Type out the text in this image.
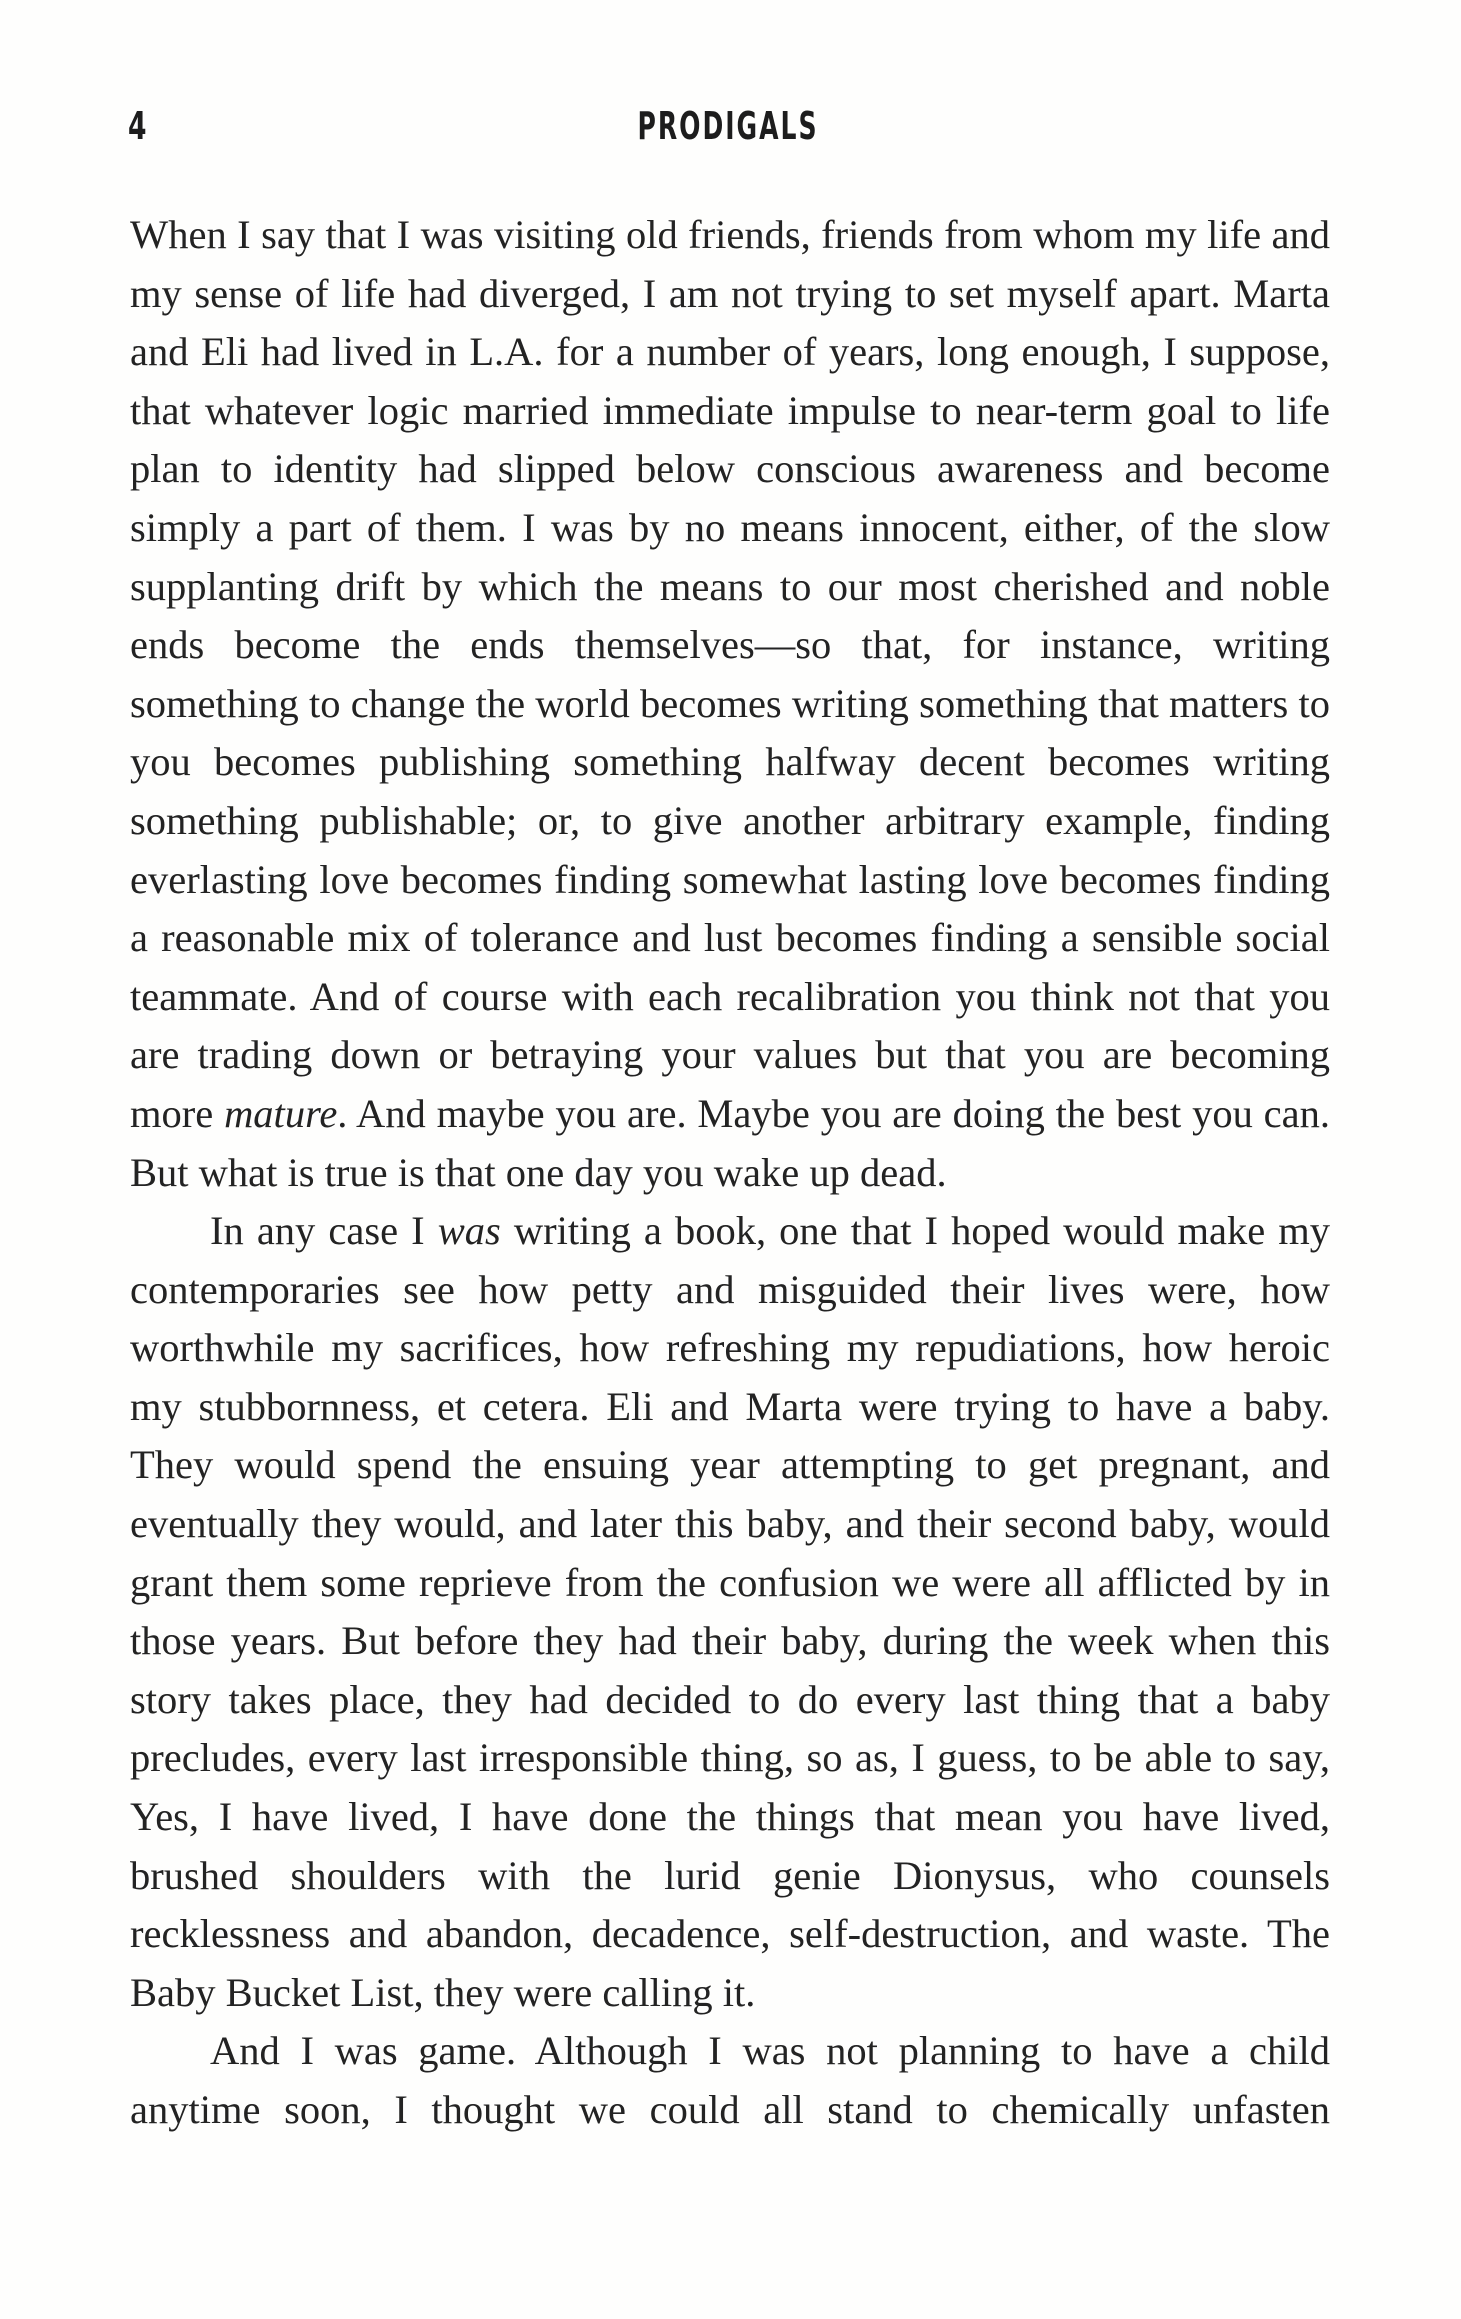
4	PRODIGALS

When I say that I was visiting old friends, friends from whom my life and my sense of life had diverged, I am not trying to set myself apart. Marta and Eli had lived in L.A. for a number of years, long enough, I suppose, that whatever logic married immediate impulse to near-term goal to life plan to identity had slipped below conscious awareness and become simply a part of them. I was by no means innocent, either, of the slow supplanting drift by which the means to our most cherished and noble ends become the ends themselves—so that, for instance, writing something to change the world becomes writing something that matters to you becomes publishing something halfway decent becomes writing something publishable; or, to give another arbitrary example, finding everlasting love becomes finding somewhat lasting love becomes finding a reasonable mix of tolerance and lust becomes finding a sensible social teammate. And of course with each recalibration you think not that you are trading down or betraying your values but that you are becoming more mature. And maybe you are. Maybe you are doing the best you can. But what is true is that one day you wake up dead.

In any case I was writing a book, one that I hoped would make my contemporaries see how petty and misguided their lives were, how worthwhile my sacrifices, how refreshing my repudiations, how heroic my stubbornness, et cetera. Eli and Marta were trying to have a baby. They would spend the ensuing year attempting to get pregnant, and eventually they would, and later this baby, and their second baby, would grant them some reprieve from the confusion we were all afflicted by in those years. But before they had their baby, during the week when this story takes place, they had decided to do every last thing that a baby precludes, every last irresponsible thing, so as, I guess, to be able to say, Yes, I have lived, I have done the things that mean you have lived, brushed shoulders with the lurid genie Dionysus, who counsels recklessness and abandon, decadence, self-destruction, and waste. The Baby Bucket List, they were calling it.

And I was game. Although I was not planning to have a child anytime soon, I thought we could all stand to chemically unfasten
